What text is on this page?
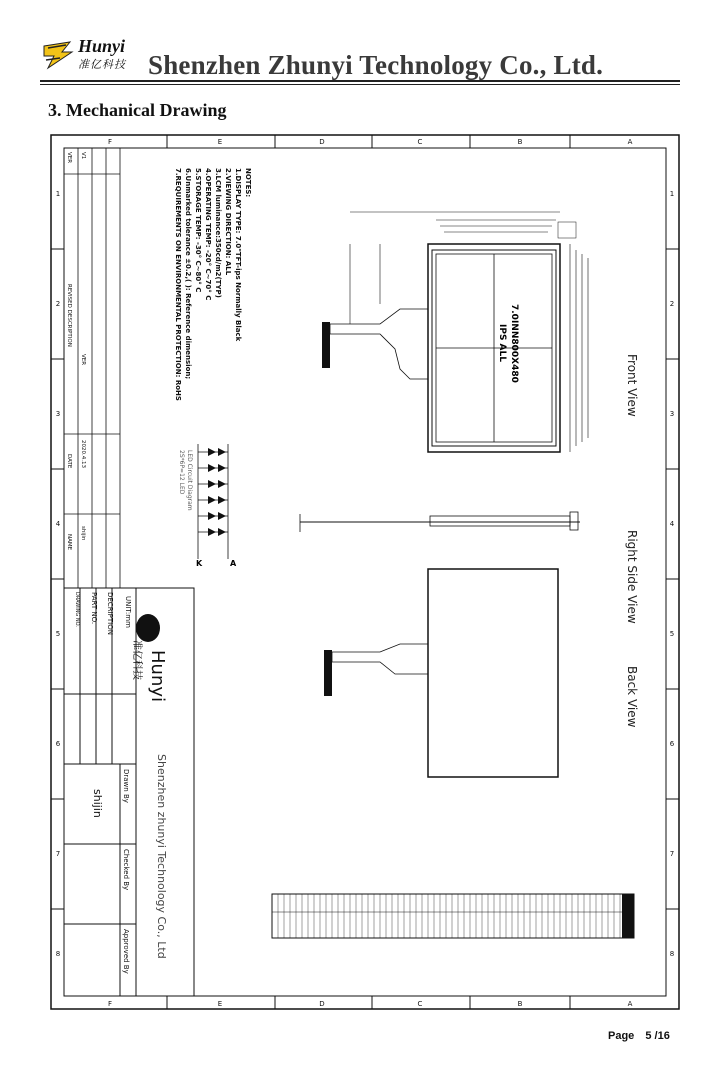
Hunyi
准亿科技 Shenzhen Zhunyi Technology Co., Ltd.
3. Mechanical Drawing
A
B
C
D
E
F
A
B
C
D
E
F
1
2
3
4
5
6
7
8
1
2
3
4
5
6
7
8
Front View
Right Side View
Back View
7.0INN800X480
IPS ALL
NOTES:
1.DISPLAY TYPE: 7.0"TFT-ips Normally Black
2.VIEWING DIRECTION: ALL
3.LCM luminance:350cd/m2(TYP)
4.OPERATING TEMP: -20° C~70° C
5.STORAGE TEMP: -30° C~80° C
6.Unmarked tolerance ±0.2,( ): Reference dimension;
7.REQUIREMENTS ON ENVIRONMENTAL PROTECTION: RoHS
LED Circuit Diagram
2S*6P=12 LED
A
K
VER V1
REVISED DESCRIPTION
VER
DATE 2020.4.13
NAME
shijin
Hunyi
准亿科技
Shenzhen zhunyi Technology Co., Ltd
UNIT:mm
DECRIPTION
PART NO.
DRAWING NO.
Drawn By
Checked By
Approved By
shijin
Page 5 /16
